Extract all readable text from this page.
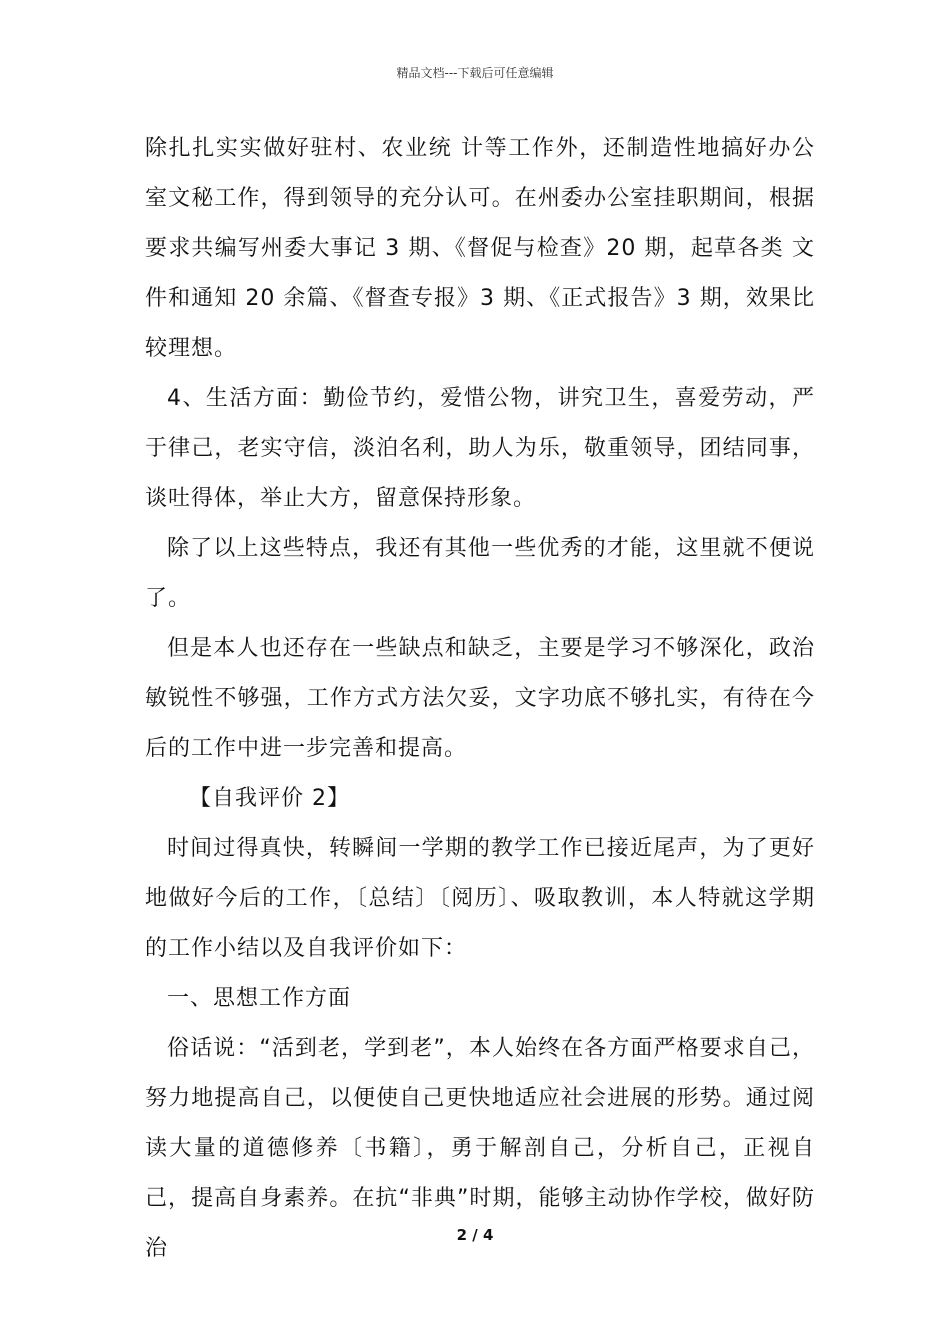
精品文档---下载后可任意编辑

除扎扎实实做好驻村、农业统 计等工作外，还制造性地搞好办公室文秘工作，得到领导的充分认可。在州委办公室挂职期间，根据要求共编写州委大事记 3 期、《督促与检查》20 期，起草各类 文件和通知 20 余篇、《督查专报》3 期、《正式报告》3 期，效果比较理想。

4、生活方面：勤俭节约，爱惜公物，讲究卫生，喜爱劳动，严于律己，老实守信，淡泊名利，助人为乐，敬重领导，团结同事，谈吐得体，举止大方，留意保持形象。

除了以上这些特点，我还有其他一些优秀的才能，这里就不便说了。

但是本人也还存在一些缺点和缺乏，主要是学习不够深化，政治敏锐性不够强，工作方式方法欠妥，文字功底不够扎实，有待在今后的工作中进一步完善和提高。

【自我评价 2】

时间过得真快，转瞬间一学期的教学工作已接近尾声，为了更好地做好今后的工作，〔总结〕〔阅历〕、吸取教训，本人特就这学期的工作小结以及自我评价如下：

一、思想工作方面

俗话说：“活到老，学到老”，本人始终在各方面严格要求自己，努力地提高自己，以便使自己更快地适应社会进展的形势。通过阅读大量的道德修养〔书籍〕，勇于解剖自己，分析自己，正视自己，提高自身素养。在抗“非典”时期，能够主动协作学校，做好防治

2 / 4
